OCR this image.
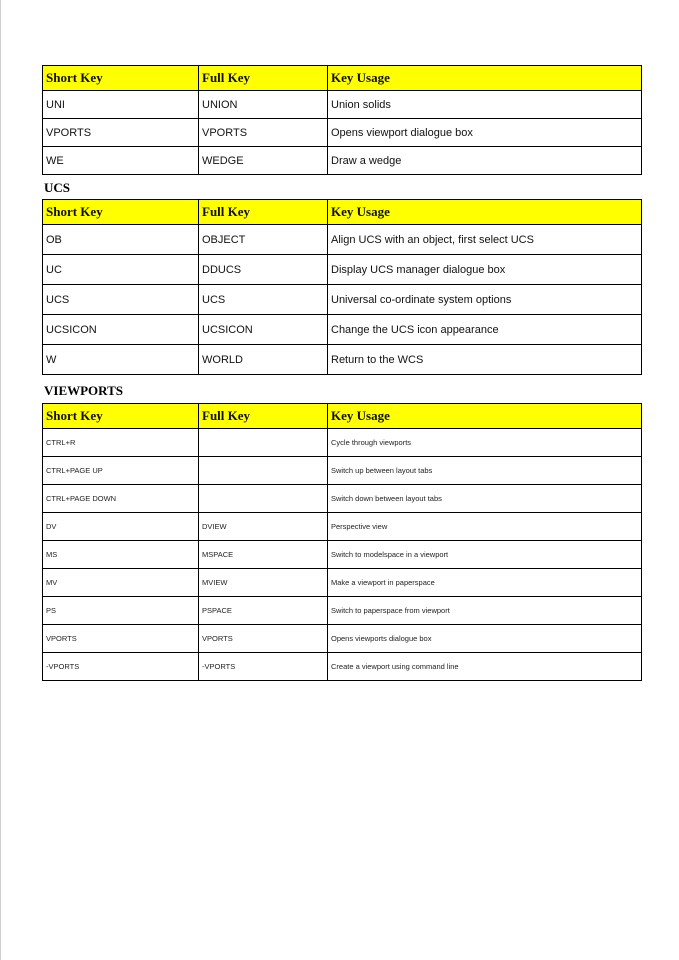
Short Key	Full Key	Key Usage
UNI	UNION	Union solids
VPORTS	VPORTS	Opens viewport dialogue box
WE	WEDGE	Draw a wedge
UCS
Short Key	Full Key	Key Usage
OB	OBJECT	Align UCS with an object, first select UCS
UC	DDUCS	Display UCS manager dialogue box
UCS	UCS	Universal co-ordinate system options
UCSICON	UCSICON	Change the UCS icon appearance
W	WORLD	Return to the WCS
VIEWPORTS
Short Key	Full Key	Key Usage
CTRL+R		Cycle through viewports
CTRL+PAGE UP		Switch up between layout tabs
CTRL+PAGE DOWN		Switch down between layout tabs
DV	DVIEW	Perspective view
MS	MSPACE	Switch to modelspace in a viewport
MV	MVIEW	Make a viewport in paperspace
PS	PSPACE	Switch to paperspace from viewport
VPORTS	VPORTS	Opens viewports dialogue box
-VPORTS	-VPORTS	Create a viewport using command line
